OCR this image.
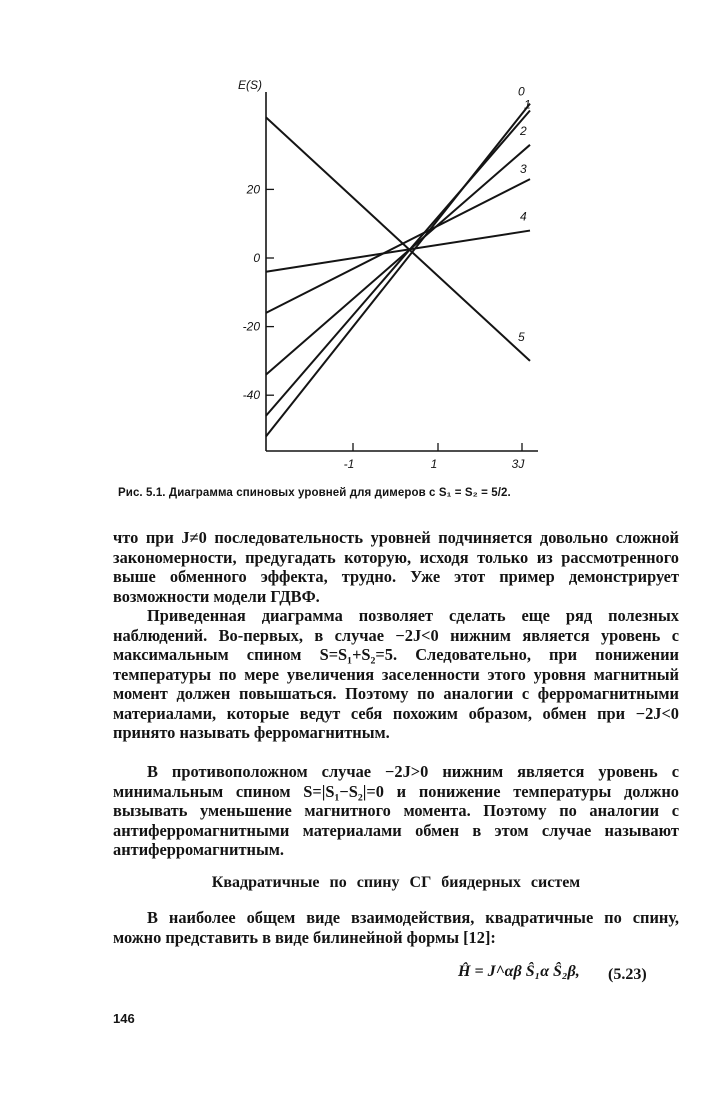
E(S)
20
0
-20
-40
-1	1	3J
0
1
2
3
4
5
Рис. 5.1. Диаграмма спиновых уровней для димеров с S₁ = S₂ = 5/2.

что при J≠0 последовательность уровней подчиняется довольно сложной закономерности, предугадать которую, исходя только из рассмотренного выше обменного эффекта, трудно. Уже этот пример демонстрирует возможности модели ГДВФ.

Приведенная диаграмма позволяет сделать еще ряд полезных наблюдений. Во-первых, в случае −2J<0 нижним является уровень с максимальным спином S=S₁+S₂=5. Следовательно, при понижении температуры по мере увеличения заселенности этого уровня магнитный момент должен повышаться. Поэтому по аналогии с ферромагнитными материалами, которые ведут себя похожим образом, обмен при −2J<0 принято называть ферромагнитным.

В противоположном случае −2J>0 нижним является уровень с минимальным спином S=|S₁−S₂|=0 и понижение температуры должно вызывать уменьшение магнитного момента. Поэтому по аналогии с антиферромагнитными материалами обмен в этом случае называют антиферромагнитным.

Квадратичные по спину СГ биядерных систем

В наиболее общем виде взаимодействия, квадратичные по спину, можно представить в виде билинейной формы [12]:

Ĥ = J^αβ Ŝ₁α Ŝ₂β, (5.23)
146
